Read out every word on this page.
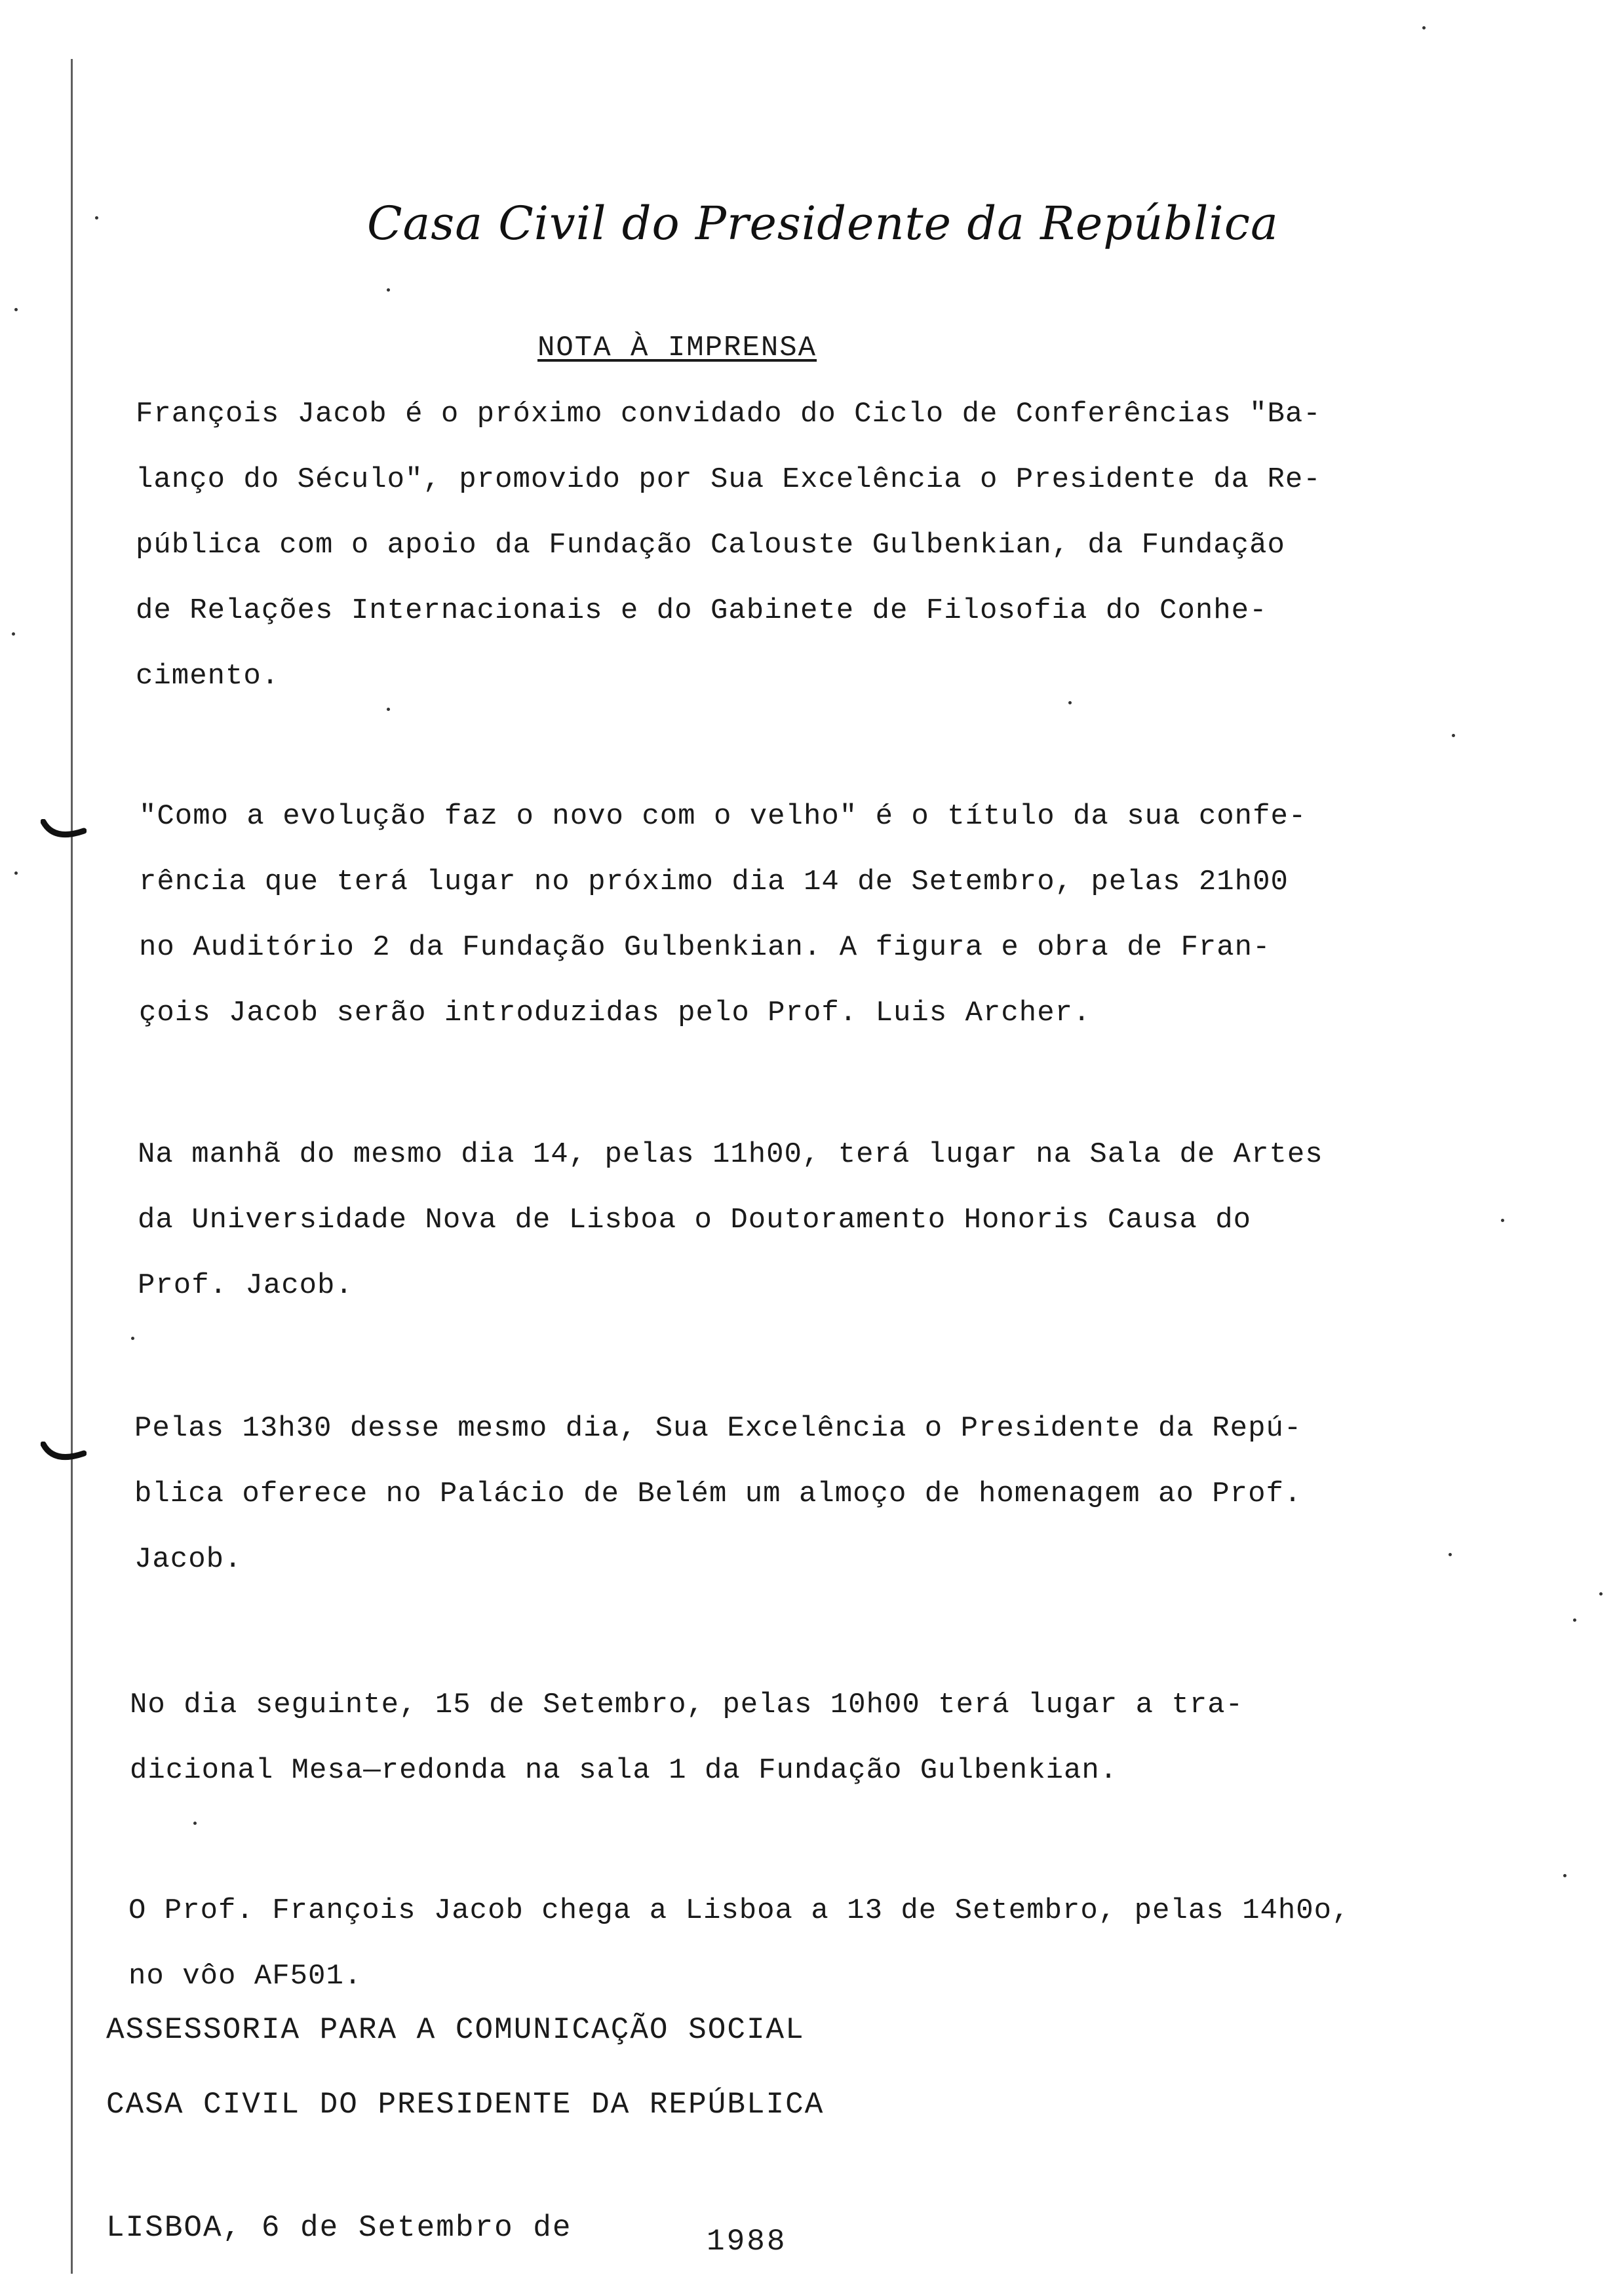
Casa Civil do Presidente da República
NOTA À IMPRENSA
François Jacob é o próximo convidado do Ciclo de Conferências "Ba-
lanço do Século", promovido por Sua Excelência o Presidente da Re-
pública com o apoio da Fundação Calouste Gulbenkian, da Fundação
de Relações Internacionais e do Gabinete de Filosofia do Conhe-
cimento.
"Como a evolução faz o novo com o velho" é o título da sua confe-
rência que terá lugar no próximo dia 14 de Setembro, pelas 21h00
no Auditório 2 da Fundação Gulbenkian. A figura e obra de Fran-
çois Jacob serão introduzidas pelo Prof. Luis Archer.
Na manhã do mesmo dia 14, pelas 11h00, terá lugar na Sala de Artes
da Universidade Nova de Lisboa o Doutoramento Honoris Causa do
Prof. Jacob.
Pelas 13h30 desse mesmo dia, Sua Excelência o Presidente da Repú-
blica oferece no Palácio de Belém um almoço de homenagem ao Prof.
Jacob.
No dia seguinte, 15 de Setembro, pelas 10h00 terá lugar a tra-
dicional Mesa—redonda na sala 1 da Fundação Gulbenkian.
O Prof. François Jacob chega a Lisboa a 13 de Setembro, pelas 14h0o,
no vôo AF501.
ASSESSORIA PARA A COMUNICAÇÃO SOCIAL
CASA CIVIL DO PRESIDENTE DA REPÚBLICA
LISBOA, 6 de Setembro de	1988
